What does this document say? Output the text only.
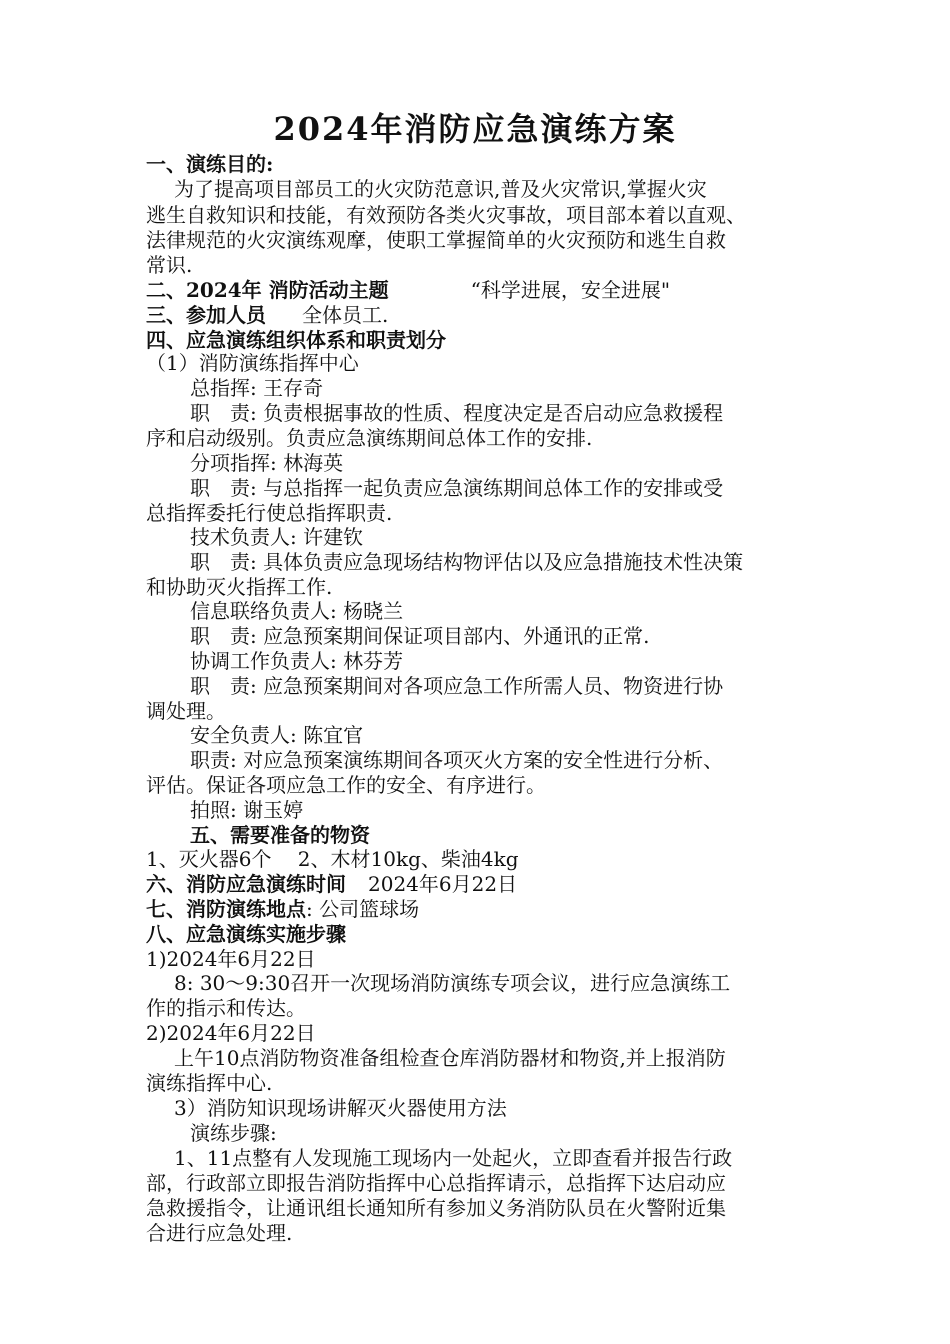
2024年消防应急演练方案
一、演练目的:
为了提高项目部员工的火灾防范意识,普及火灾常识,掌握火灾
逃生自救知识和技能，有效预防各类火灾事故，项目部本着以直观、
法律规范的火灾演练观摩，使职工掌握简单的火灾预防和逃生自救
常识.
二、2024年 消防活动主题	“科学进展，安全进展"
三、参加人员 全体员工.
四、应急演练组织体系和职责划分
（1）消防演练指挥中心
总指挥: 王存奇
职　责: 负责根据事故的性质、程度决定是否启动应急救援程
序和启动级别。负责应急演练期间总体工作的安排.
分项指挥: 林海英
职　责: 与总指挥一起负责应急演练期间总体工作的安排或受
总指挥委托行使总指挥职责.
技术负责人: 许建钦
职　责: 具体负责应急现场结构物评估以及应急措施技术性决策
和协助灭火指挥工作.
信息联络负责人: 杨晓兰
职　责: 应急预案期间保证项目部内、外通讯的正常.
协调工作负责人: 林芬芳
职　责: 应急预案期间对各项应急工作所需人员、物资进行协
调处理。
安全负责人: 陈宜官
职责: 对应急预案演练期间各项灭火方案的安全性进行分析、
评估。保证各项应急工作的安全、有序进行。
拍照: 谢玉婷
五、需要准备的物资
1、灭火器6个　 2、木材10kg、柴油4kg
六、消防应急演练时间 2024年6月22日
七、消防演练地点: 公司篮球场
八、应急演练实施步骤
1)2024年6月22日
8: 30～9:30召开一次现场消防演练专项会议，进行应急演练工
作的指示和传达。
2)2024年6月22日
上午10点消防物资准备组检查仓库消防器材和物资,并上报消防
演练指挥中心.
3）消防知识现场讲解灭火器使用方法
演练步骤:
1、11点整有人发现施工现场内一处起火，立即查看并报告行政
部，行政部立即报告消防指挥中心总指挥请示，总指挥下达启动应
急救援指令，让通讯组长通知所有参加义务消防队员在火警附近集
合进行应急处理.
